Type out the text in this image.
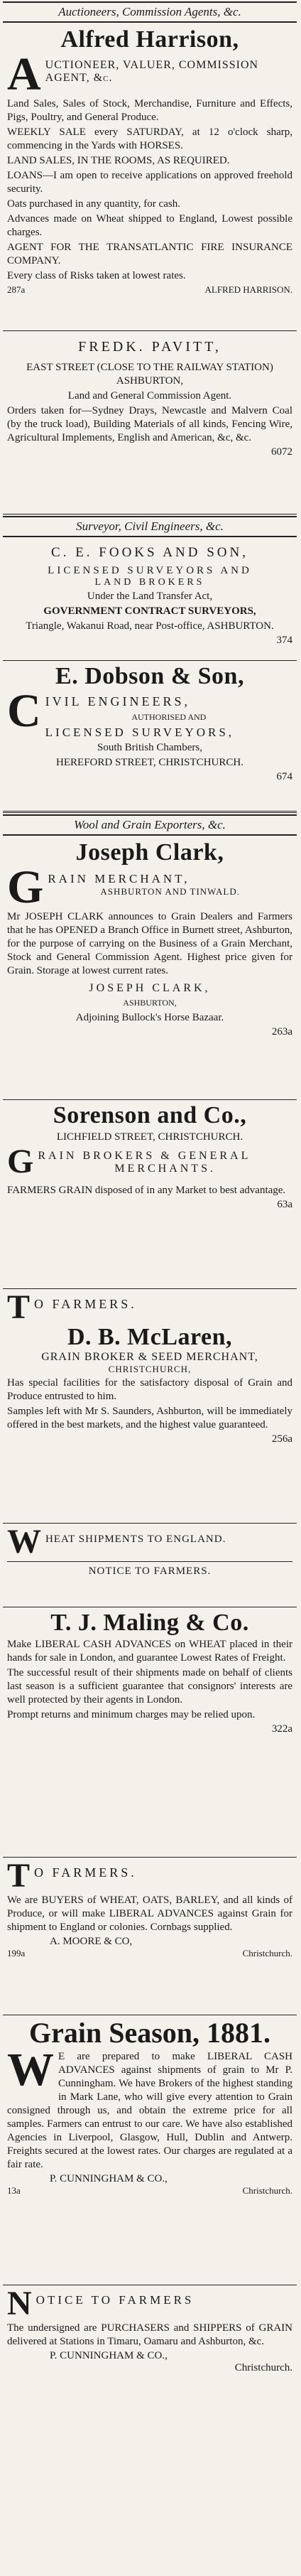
Auctioneers, Commission Agents, &c.
Alfred Harrison,
A UCTIONEER, VALUER, COMMISSION AGENT, &c.
Land Sales, Sales of Stock, Merchandise, Furniture and Effects, Pigs, Poultry, and General Produce.
WEEKLY SALE every SATURDAY, at 12 o'clock sharp, commencing in the Yards with HORSES.
LAND SALES, IN THE ROOMS, AS REQUIRED.
LOANS—I am open to receive applications on approved freehold security.
Oats purchased in any quantity, for cash.
Advances made on Wheat shipped to England, Lowest possible charges.
AGENT FOR THE TRANSATLANTIC FIRE INSURANCE COMPANY.
Every class of Risks taken at lowest rates.
287a	ALFRED HARRISON.
FREDK. PAVITT,
EAST STREET (CLOSE TO THE RAILWAY STATION) ASHBURTON,
Land and General Commission Agent.
Orders taken for—Sydney Drays, Newcastle and Malvern Coal (by the truck load), Building Materials of all kinds, Fencing Wire, Agricultural Implements, English and American, &c, &c.
6072
Surveyor, Civil Engineers, &c.
C. E. FOOKS AND SON,
LICENSED SURVEYORS AND
LAND BROKERS
Under the Land Transfer Act,
GOVERNMENT CONTRACT SURVEYORS,
Triangle, Wakanui Road, near Post-office, ASHBURTON.
374
E. Dobson & Son,
C IVIL ENGINEERS,
AUTHORISED AND
LICENSED SURVEYORS,
South British Chambers,
HEREFORD STREET, CHRISTCHURCH.
674
Wool and Grain Exporters, &c.
Joseph Clark,
G RAIN MERCHANT,
ASHBURTON AND TINWALD.
Mr JOSEPH CLARK announces to Grain Dealers and Farmers that he has OPENED a Branch Office in Burnett street, Ashburton, for the purpose of carrying on the Business of a Grain Merchant, Stock and General Commission Agent. Highest price given for Grain. Storage at lowest current rates.
JOSEPH CLARK,
ASHBURTON,
Adjoining Bullock's Horse Bazaar.
263a
Sorenson and Co.,
LICHFIELD STREET, CHRISTCHURCH.
G RAIN BROKERS & GENERAL
MERCHANTS.
FARMERS GRAIN disposed of in any Market to best advantage.
63a
T O FARMERS.
D. B. McLaren,
GRAIN BROKER & SEED MERCHANT,
CHRISTCHURCH,
Has special facilities for the satisfactory disposal of Grain and Produce entrusted to him.
Samples left with Mr S. Saunders, Ashburton, will be immediately offered in the best markets, and the highest value guaranteed.
256a
W HEAT SHIPMENTS TO ENGLAND.
NOTICE TO FARMERS.
T. J. Maling & Co.
Make LIBERAL CASH ADVANCES on WHEAT placed in their hands for sale in London, and guarantee Lowest Rates of Freight.
The successful result of their shipments made on behalf of clients last season is a sufficient guarantee that consignors' interests are well protected by their agents in London.
Prompt returns and minimum charges may be relied upon.
322a
T O FARMERS.
We are BUYERS of WHEAT, OATS, BARLEY, and all kinds of Produce, or will make LIBERAL ADVANCES against Grain for shipment to England or colonies. Cornbags supplied.
A. MOORE & CO,
199a	Christchurch.
Grain Season, 1881.
W E are prepared to make LIBERAL CASH ADVANCES against shipments of grain to Mr P. Cunningham. We have Brokers of the highest standing in Mark Lane, who will give every attention to Grain consigned through us, and obtain the extreme price for all samples. Farmers can entrust to our care. We have also established Agencies in Liverpool, Glasgow, Hull, Dublin and Antwerp. Freights secured at the lowest rates. Our charges are regulated at a fair rate.
P. CUNNINGHAM & CO.,
13a	Christchurch.
N OTICE TO FARMERS
The undersigned are PURCHASERS and SHIPPERS of GRAIN delivered at Stations in Timaru, Oamaru and Ashburton, &c.
P. CUNNINGHAM & CO.,
Christchurch.
